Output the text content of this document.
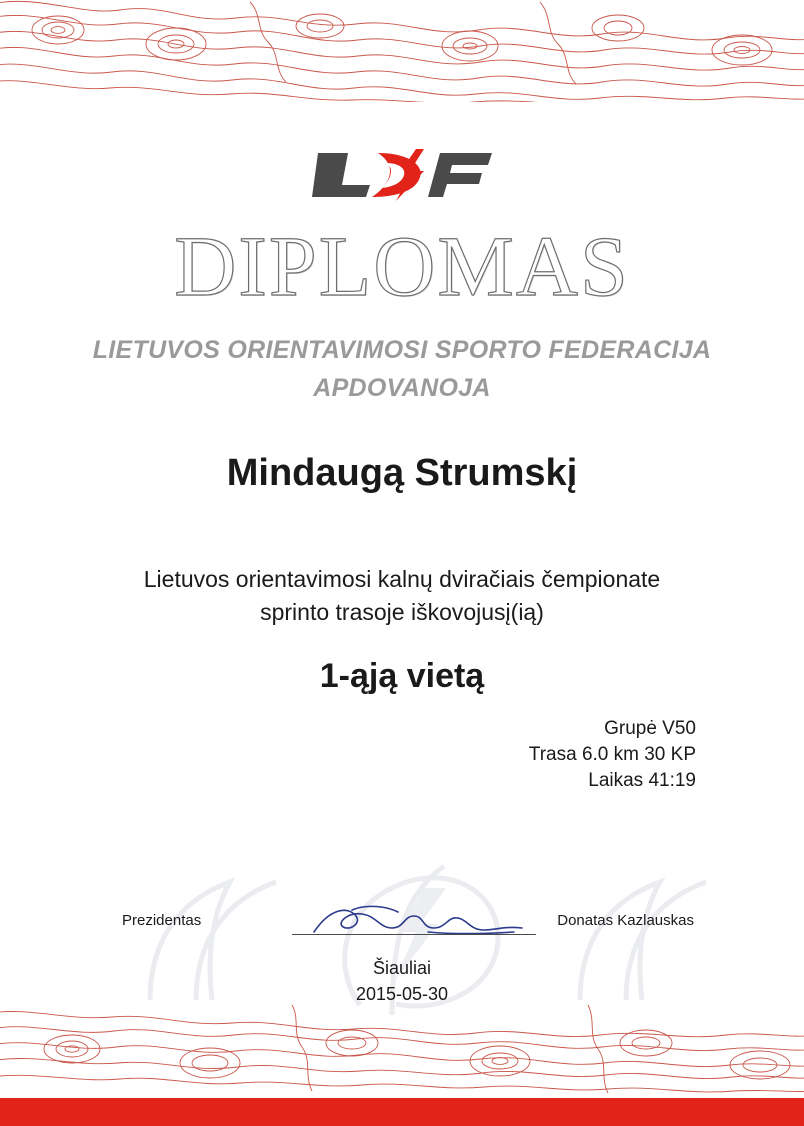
DIPLOMAS
LIETUVOS ORIENTAVIMOSI SPORTO FEDERACIJA
APDOVANOJA
Mindaugą Strumskį
Lietuvos orientavimosi kalnų dviračiais čempionate
sprinto trasoje iškovojusį(ią)
1-ąją vietą
Grupė V50
Trasa 6.0 km 30 KP
Laikas 41:19
Prezidentas	Donatas Kazlauskas
Šiauliai
2015-05-30
